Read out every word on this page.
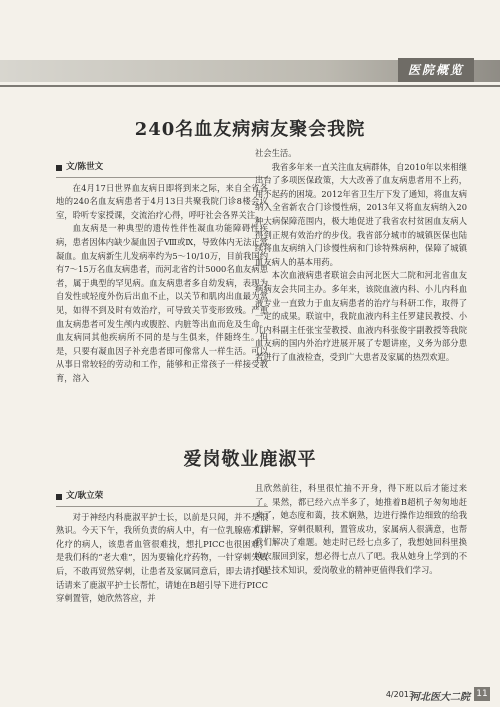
医院概览
240名血友病病友聚会我院
文/陈世文

在4月17日世界血友病日即将到来之际，来自全省各地的240名血友病患者于4月13日共聚我院门诊8楼会议室，聆听专家授课，交流治疗心得，呼吁社会各界关注。

血友病是一种典型的遗传性伴性凝血功能障碍性疾病，患者因体内缺少凝血因子Ⅷ或Ⅸ，导致体内无法正常凝血。血友病新生儿发病率约为5～10/10万，目前我国约有7～15万名血友病患者，而河北省约计5000名血友病患者，属于典型的罕见病。血友病患者多自幼发病，表现为自发性或轻度外伤后出血不止，以关节和肌肉出血最为常见，如得不到及时有效治疗，可导致关节变形致残。严重血友病患者可发生颅内或腹腔、内脏等出血而危及生命。血友病同其他疾病所不同的是与生俱来，伴随终生。但是，只要有凝血因子补充患者即可像常人一样生活。可以从事日常较轻的劳动和工作，能够和正常孩子一样接受教育，溶入

社会生活。

我省多年来一直关注血友病群体，自2010年以来相继出台了多项医保政策，大大改善了血友病患者用不上药，用不起药的困境。2012年省卫生厅下发了通知，将血友病纳入全省新农合门诊慢性病，2013年又将血友病纳入20种大病保障范围内，极大地促进了我省农村贫困血友病人得到正规有效治疗的步伐。我省部分城市的城镇医保也陆续将血友病纳入门诊慢性病和门诊特殊病种，保障了城镇血友病人的基本用药。

本次血液病患者联谊会由河北医大二院和河北省血友病病友会共同主办。多年来，该院血液内科、小儿内科血液专业一直致力于血友病患者的治疗与科研工作，取得了一定的成果。联谊中，我院血液内科主任罗建民教授、小儿内科副主任张宝莹教授、血液内科张俊宇副教授等我院血友病的国内外治疗进展开展了专题讲座，义务为部分患者进行了血液检查，受到广大患者及家属的热烈欢迎。

爱岗敬业鹿淑平
文/耿立荣

对于神经内科鹿淑平护士长，以前是只闻，并不是很熟识。今天下午，我所负责的病人中，有一位乳腺癌术后化疗的病人，该患者血管很难找，想扎PICC也很困难，是我们科的“老大难”，因为要输化疗药物，一针穿刺失败后，不敢再贸然穿刺，让患者及家属同意后，即去请打电话请来了鹿淑平护士长帮忙，请她在B超引导下进行PICC穿刺置管，她欣然答应，并

且欣然前往，科里很忙抽不开身，得下班以后才能过来了。果然，都已经六点半多了，她推着B超机子匆匆地赶来了，她态度和蔼，技术娴熟，边进行操作边细致的给我们讲解，穿刺很顺利，置管成功，家属病人很满意，也帮我们解决了难题。她走时已经七点多了，我想她回科里换换衣服回到家，想必得七点八了吧。我从她身上学到的不仅是技术知识，爱岗敬业的精神更值得我们学习。

4/2013
河北医大二院 11
